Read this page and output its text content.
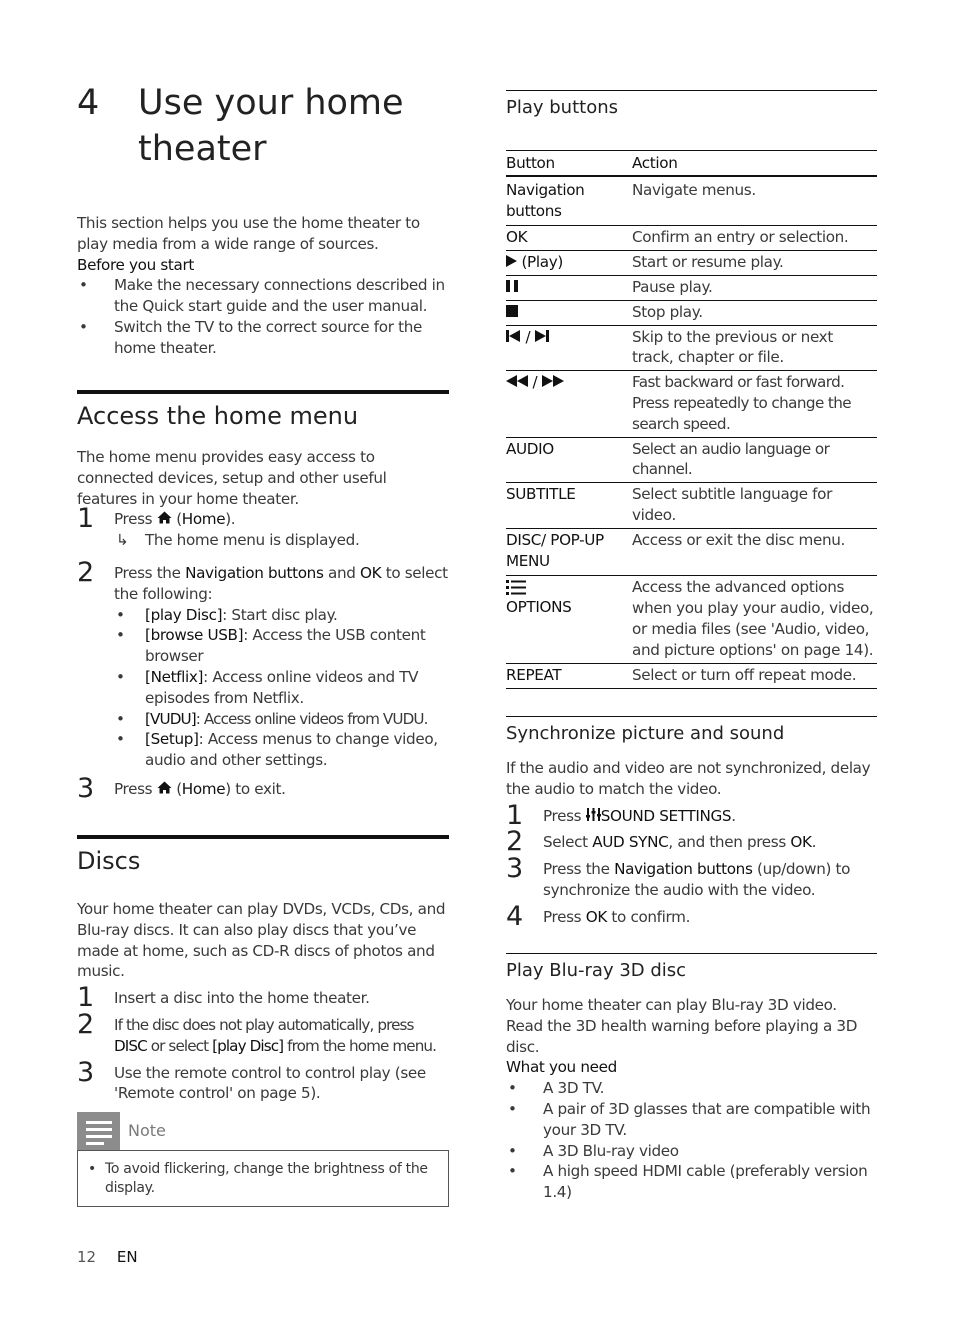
4 Use your home
theater

This section helps you use the home theater to play media from a wide range of sources.

Before you start

• Make the necessary connections described in the Quick start guide and the user manual.
• Switch the TV to the correct source for the home theater.
Access the home menu

The home menu provides easy access to connected devices, setup and other useful features in your home theater.

1 Press (Home).
↳ The home menu is displayed.
2 Press the Navigation buttons and OK to select the following:
• [play Disc]: Start disc play.
• [browse USB]: Access the USB content browser
• [Netflix]: Access online videos and TV episodes from Netflix.
• [VUDU]: Access online videos from VUDU.
• [Setup]: Access menus to change video, audio and other settings.
3 Press (Home) to exit.
Discs

Your home theater can play DVDs, VCDs, CDs, and Blu-ray discs. It can also play discs that you’ve made at home, such as CD-R discs of photos and music.

1 Insert a disc into the home theater.
2 If the disc does not play automatically, press DISC or select [play Disc] from the home menu.
3 Use the remote control to control play (see 'Remote control' on page 5).
Note
• To avoid flickering, change the brightness of the display.
12 EN
Play buttons
Button	Action
Navigation buttons	Navigate menus.
OK	Confirm an entry or selection.
(Play)	Start or resume play.
	Pause play.
	Stop play.
/	Skip to the previous or next track, chapter or file.
/	Fast backward or fast forward. Press repeatedly to change the search speed.
AUDIO	Select an audio language or channel.
SUBTITLE	Select subtitle language for video.
DISC/ POP-UP MENU	Access or exit the disc menu.

OPTIONS	Access the advanced options when you play your audio, video, or media files (see 'Audio, video, and picture options' on page 14).
REPEAT	Select or turn off repeat mode.
Synchronize picture and sound

If the audio and video are not synchronized, delay the audio to match the video.

1 Press SOUND SETTINGS.
2 Select AUD SYNC, and then press OK.
3 Press the Navigation buttons (up/down) to synchronize the audio with the video.
4 Press OK to confirm.
Play Blu-ray 3D disc

Your home theater can play Blu-ray 3D video. Read the 3D health warning before playing a 3D disc.

What you need

• A 3D TV.
• A pair of 3D glasses that are compatible with your 3D TV.
• A 3D Blu-ray video
• A high speed HDMI cable (preferably version 1.4)
